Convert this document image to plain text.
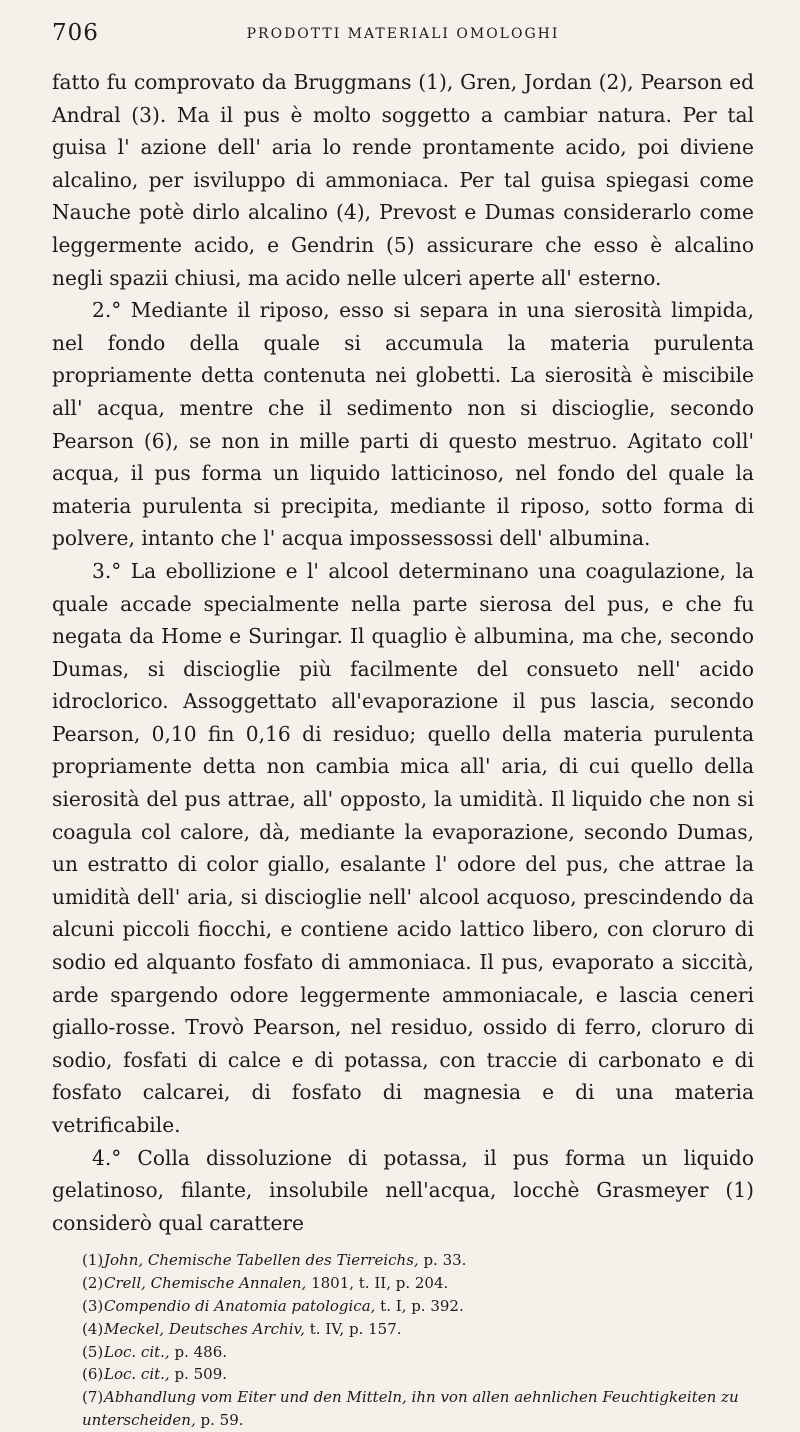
706	PRODOTTI MATERIALI OMOLOGHI

fatto fu comprovato da Bruggmans (1), Gren, Jordan (2), Pearson ed Andral (3). Ma il pus è molto soggetto a cambiar natura. Per tal guisa l' azione dell' aria lo rende prontamente acido, poi diviene alcalino, per isviluppo di ammoniaca. Per tal guisa spiegasi come Nauche potè dirlo alcalino (4), Prevost e Dumas considerarlo come leggermente acido, e Gendrin (5) assicurare che esso è alcalino negli spazii chiusi, ma acido nelle ulceri aperte all' esterno.

2.° Mediante il riposo, esso si separa in una sierosità limpida, nel fondo della quale si accumula la materia purulenta propriamente detta contenuta nei globetti. La sierosità è miscibile all' acqua, mentre che il sedimento non si discioglie, secondo Pearson (6), se non in mille parti di questo mestruo. Agitato coll' acqua, il pus forma un liquido latticinoso, nel fondo del quale la materia purulenta si precipita, mediante il riposo, sotto forma di polvere, intanto che l' acqua impossessossi dell' albumina.

3.° La ebollizione e l' alcool determinano una coagulazione, la quale accade specialmente nella parte sierosa del pus, e che fu negata da Home e Suringar. Il quaglio è albumina, ma che, secondo Dumas, si discioglie più facilmente del consueto nell' acido idroclorico. Assoggettato all'evaporazione il pus lascia, secondo Pearson, 0,10 fin 0,16 di residuo; quello della materia purulenta propriamente detta non cambia mica all' aria, di cui quello della sierosità del pus attrae, all' opposto, la umidità. Il liquido che non si coagula col calore, dà, mediante la evaporazione, secondo Dumas, un estratto di color giallo, esalante l' odore del pus, che attrae la umidità dell' aria, si discioglie nell' alcool acquoso, prescindendo da alcuni piccoli fiocchi, e contiene acido lattico libero, con cloruro di sodio ed alquanto fosfato di ammoniaca. Il pus, evaporato a siccità, arde spargendo odore leggermente ammoniacale, e lascia ceneri giallo-rosse. Trovò Pearson, nel residuo, ossido di ferro, cloruro di sodio, fosfati di calce e di potassa, con traccie di carbonato e di fosfato calcarei, di fosfato di magnesia e di una materia vetrificabile.

4.° Colla dissoluzione di potassa, il pus forma un liquido gelatinoso, filante, insolubile nell'acqua, locchè Grasmeyer (1) considerò qual carattere

(1)John, Chemische Tabellen des Tierreichs, p. 33.
(2)Crell, Chemische Annalen, 1801, t. II, p. 204.
(3)Compendio di Anatomia patologica, t. I, p. 392.
(4)Meckel, Deutsches Archiv, t. IV, p. 157.
(5)Loc. cit., p. 486.
(6)Loc. cit., p. 509.
(7)Abhandlung vom Eiter und den Mitteln, ihn von allen aehnlichen Feuchtigkeiten zu unterscheiden, p. 59.
